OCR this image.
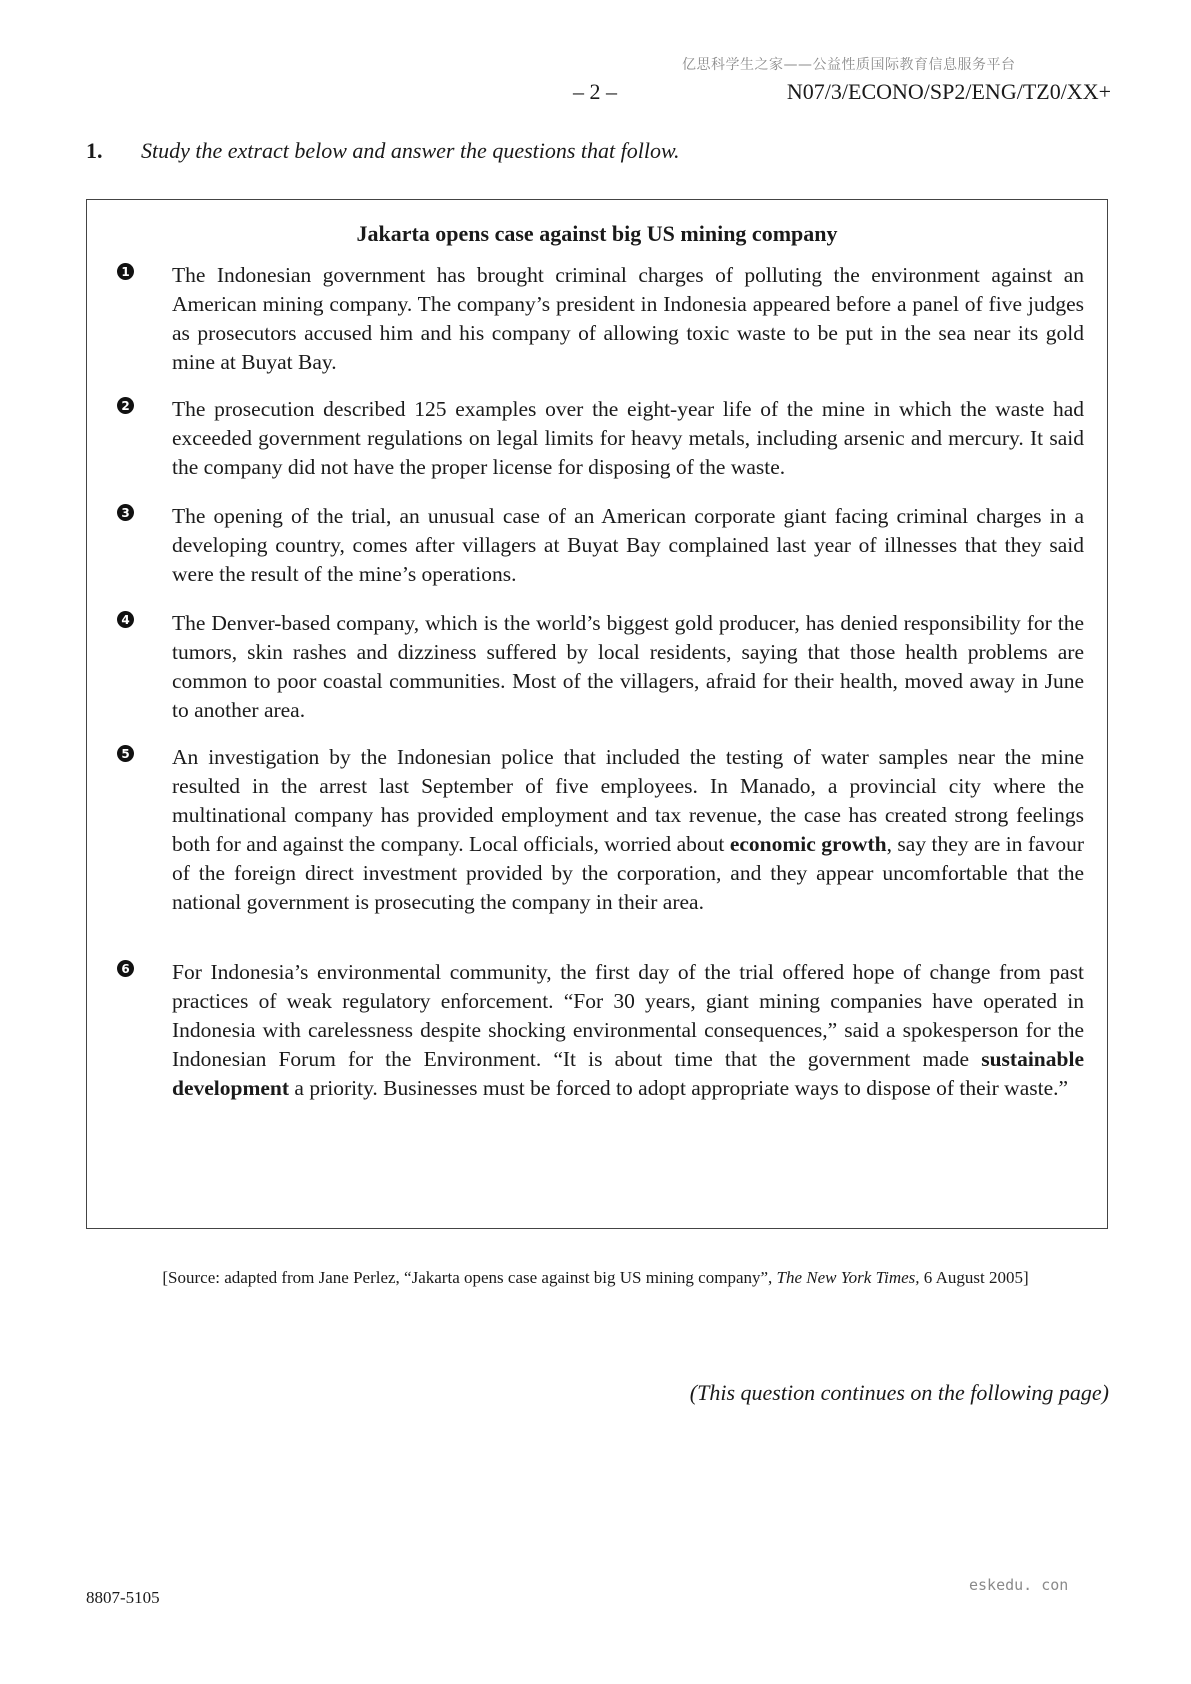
亿思科学生之家——公益性质国际教育信息服务平台
– 2 –	N07/3/ECONO/SP2/ENG/TZ0/XX+
1. Study the extract below and answer the questions that follow.
Jakarta opens case against big US mining company
1 The Indonesian government has brought criminal charges of polluting the environment against an American mining company. The company’s president in Indonesia appeared before a panel of five judges as prosecutors accused him and his company of allowing toxic waste to be put in the sea near its gold mine at Buyat Bay.

2 The prosecution described 125 examples over the eight-year life of the mine in which the waste had exceeded government regulations on legal limits for heavy metals, including arsenic and mercury. It said the company did not have the proper license for disposing of the waste.

3 The opening of the trial, an unusual case of an American corporate giant facing criminal charges in a developing country, comes after villagers at Buyat Bay complained last year of illnesses that they said were the result of the mine’s operations.

4 The Denver-based company, which is the world’s biggest gold producer, has denied responsibility for the tumors, skin rashes and dizziness suffered by local residents, saying that those health problems are common to poor coastal communities. Most of the villagers, afraid for their health, moved away in June to another area.

5 An investigation by the Indonesian police that included the testing of water samples near the mine resulted in the arrest last September of five employees. In Manado, a provincial city where the multinational company has provided employment and tax revenue, the case has created strong feelings both for and against the company. Local officials, worried about economic growth, say they are in favour of the foreign direct investment provided by the corporation, and they appear uncomfortable that the national government is prosecuting the company in their area.

6 For Indonesia’s environmental community, the first day of the trial offered hope of change from past practices of weak regulatory enforcement. “For 30 years, giant mining companies have operated in Indonesia with carelessness despite shocking environmental consequences,” said a spokesperson for the Indonesian Forum for the Environment. “It is about time that the government made sustainable development a priority. Businesses must be forced to adopt appropriate ways to dispose of their waste.”

[Source: adapted from Jane Perlez, “Jakarta opens case against big US mining company”, The New York Times, 6 August 2005]
(This question continues on the following page)
8807-5105
eskedu. con
